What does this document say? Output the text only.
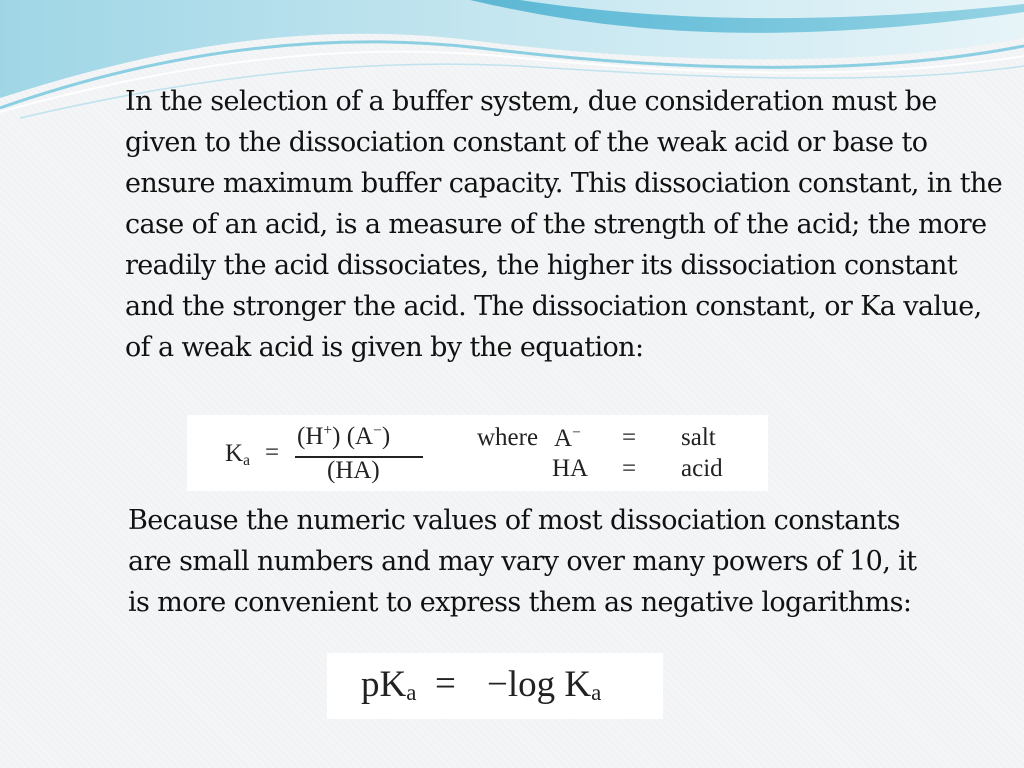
In the selection of a buffer system, due consideration must be given to the dissociation constant of the weak acid or base to ensure maximum buffer capacity. This dissociation constant, in the case of an acid, is a measure of the strength of the acid; the more readily the acid dissociates, the higher its dissociation constant and the stronger the acid. The dissociation constant, or Ka value, of a weak acid is given by the equation:

$K_a$ =
(H+) (A−)
(HA)
where A− = salt
HA = acid

Because the numeric values of most dissociation constants are small numbers and may vary over many powers of 10, it is more convenient to express them as negative logarithms:

$pK_a = -\log$ $K_a$
